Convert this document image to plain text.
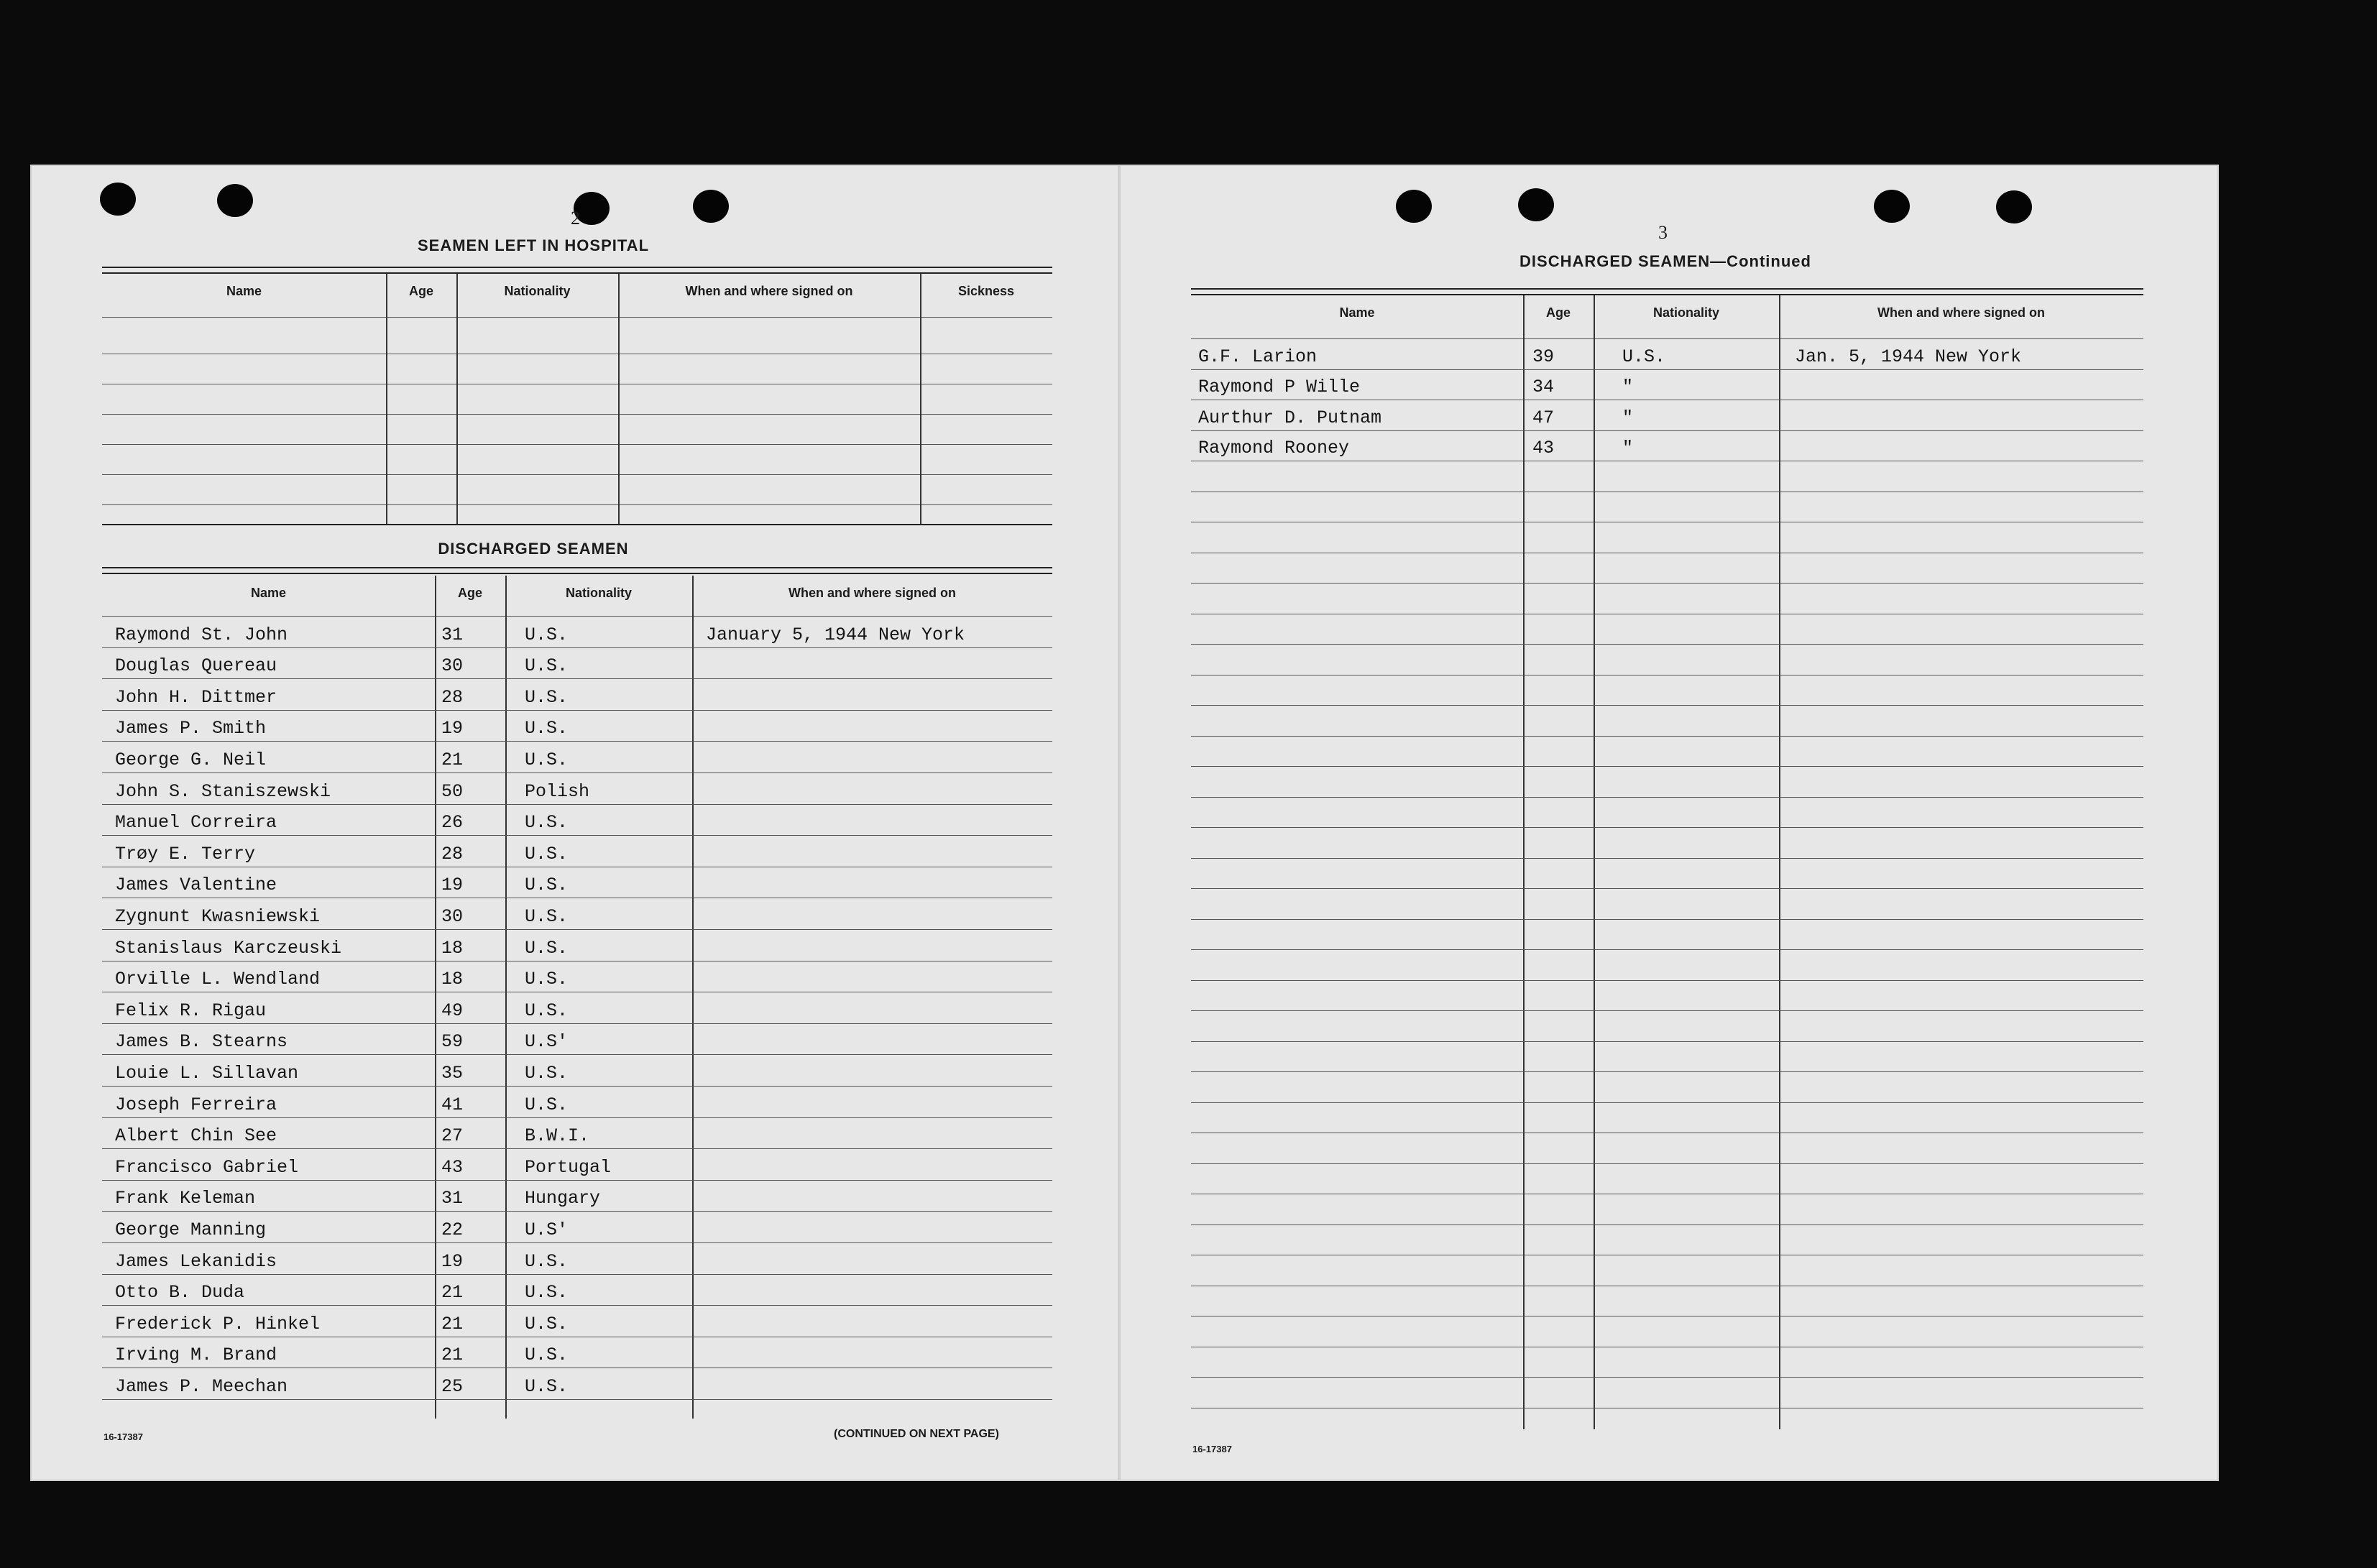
2
SEAMEN LEFT IN HOSPITAL
Name	Age	Nationality	When and where signed on	Sickness
DISCHARGED SEAMEN
Name	Age	Nationality	When and where signed on
Raymond St. John	31	U.S.	January 5, 1944 New York
Douglas Quereau	30	U.S.
John H. Dittmer	28	U.S.
James P. Smith	19	U.S.
George G. Neil	21	U.S.
John S. Staniszewski	50	Polish
Manuel Correira	26	U.S.
Trøy E. Terry	28	U.S.
James Valentine	19	U.S.
Zygnunt Kwasniewski	30	U.S.
Stanislaus Karczeuski	18	U.S.
Orville L. Wendland	18	U.S.
Felix R. Rigau	49	U.S.
James B. Stearns	59	U.S'
Louie L. Sillavan	35	U.S.
Joseph Ferreira	41	U.S.
Albert Chin See	27	B.W.I.
Francisco Gabriel	43	Portugal
Frank Keleman	31	Hungary
George Manning	22	U.S'
James Lekanidis	19	U.S.
Otto B. Duda	21	U.S.
Frederick P. Hinkel	21	U.S.
Irving M. Brand	21	U.S.
James P. Meechan	25	U.S.
16-17387	(CONTINUED ON NEXT PAGE)
3
DISCHARGED SEAMEN—Continued
Name	Age	Nationality	When and where signed on
G.F. Larion	39	U.S.	Jan. 5, 1944 New York
Raymond P Wille	34	"
Aurthur D. Putnam	47	"
Raymond Rooney	43	"
16-17387
